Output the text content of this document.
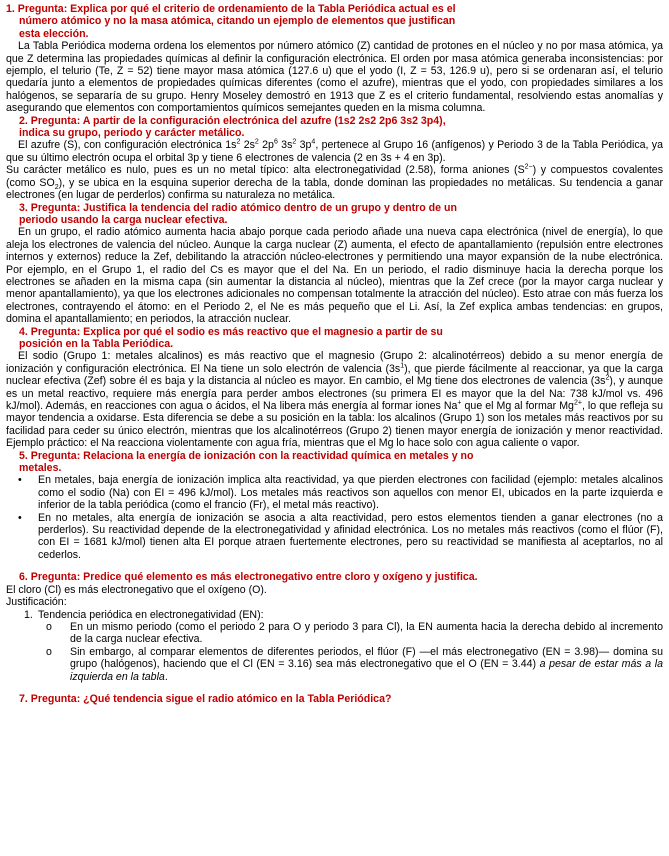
1. Pregunta: Explica por qué el criterio de ordenamiento de la Tabla Periódica actual es el
número atómico y no la masa atómica, citando un ejemplo de elementos que justifican
esta elección.

La Tabla Periódica moderna ordena los elementos por número atómico (Z) cantidad de protones en el núcleo y no por masa atómica, ya que Z determina las propiedades químicas al definir la configuración electrónica. El orden por masa atómica generaba inconsistencias: por ejemplo, el telurio (Te, Z = 52) tiene mayor masa atómica (127.6 u) que el yodo (I, Z = 53, 126.9 u), pero si se ordenaran así, el telurio quedaría junto a elementos de propiedades químicas diferentes (como el azufre), mientras que el yodo, con propiedades similares a los halógenos, se separaría de su grupo. Henry Moseley demostró en 1913 que Z es el criterio fundamental, resolviendo estas anomalías y asegurando que elementos con comportamientos químicos semejantes queden en la misma columna.

2. Pregunta: A partir de la configuración electrónica del azufre (1s2 2s2 2p6 3s2 3p4),
indica su grupo, periodo y carácter metálico.

El azufre (S), con configuración electrónica $1s^2$ $2s^2$ $2p^6$ $3s^2$ $3p^4$, pertenece al Grupo 16 (anfígenos) y Periodo 3 de la Tabla Periódica, ya que su último electrón ocupa el orbital 3p y tiene 6 electrones de valencia (2 en 3s + 4 en 3p).

Su carácter metálico es nulo, pues es un no metal típico: alta electronegatividad (2.58), forma aniones $(S^{2-})$ y compuestos covalentes (como $SO_2$), y se ubica en la esquina superior derecha de la tabla, donde dominan las propiedades no metálicas. Su tendencia a ganar electrones (en lugar de perderlos) confirma su naturaleza no metálica.

3. Pregunta: Justifica la tendencia del radio atómico dentro de un grupo y dentro de un
periodo usando la carga nuclear efectiva.

En un grupo, el radio atómico aumenta hacia abajo porque cada periodo añade una nueva capa electrónica (nivel de energía), lo que aleja los electrones de valencia del núcleo. Aunque la carga nuclear (Z) aumenta, el efecto de apantallamiento (repulsión entre electrones internos y externos) reduce la Zef, debilitando la atracción núcleo-electrones y permitiendo una mayor expansión de la nube electrónica. Por ejemplo, en el Grupo 1, el radio del Cs es mayor que el del Na. En un periodo, el radio disminuye hacia la derecha porque los electrones se añaden en la misma capa (sin aumentar la distancia al núcleo), mientras que la Zef crece (por la mayor carga nuclear y menor apantallamiento), ya que los electrones adicionales no compensan totalmente la atracción del núcleo). Esto atrae con más fuerza los electrones, contrayendo el átomo: en el Periodo 2, el Ne es más pequeño que el Li. Así, la Zef explica ambas tendencias: en grupos, domina el apantallamiento; en periodos, la atracción nuclear.

4. Pregunta: Explica por qué el sodio es más reactivo que el magnesio a partir de su
posición en la Tabla Periódica.

El sodio (Grupo 1: metales alcalinos) es más reactivo que el magnesio (Grupo 2: alcalinotérreos) debido a su menor energía de ionización y configuración electrónica. El Na tiene un solo electrón de valencia $(3s^1)$, que pierde fácilmente al reaccionar, ya que la carga nuclear efectiva (Zef) sobre él es baja y la distancia al núcleo es mayor. En cambio, el Mg tiene dos electrones de valencia $(3s^2)$, y aunque es un metal reactivo, requiere más energía para perder ambos electrones (su primera EI es mayor que la del Na: 738 kJ/mol vs. 496 kJ/mol). Además, en reacciones con agua o ácidos, el Na libera más energía al formar iones Na+ que el Mg al formar $Mg^{2+}$, lo que refleja su mayor tendencia a oxidarse. Esta diferencia se debe a su posición en la tabla: los alcalinos (Grupo 1) son los metales más reactivos por su facilidad para ceder su único electrón, mientras que los alcalinotérreos (Grupo 2) tienen mayor energía de ionización y menor reactividad. Ejemplo práctico: el Na reacciona violentamente con agua fría, mientras que el Mg lo hace solo con agua caliente o vapor.

5. Pregunta: Relaciona la energía de ionización con la reactividad química en metales y no
metales.

• En metales, baja energía de ionización implica alta reactividad, ya que pierden electrones con facilidad (ejemplo: metales alcalinos como el sodio (Na) con EI = 496 kJ/mol). Los metales más reactivos son aquellos con menor EI, ubicados en la parte izquierda e inferior de la tabla periódica (como el francio (Fr), el metal más reactivo).
• En no metales, alta energía de ionización se asocia a alta reactividad, pero estos elementos tienden a ganar electrones (no a perderlos). Su reactividad depende de la electronegatividad y afinidad electrónica. Los no metales más reactivos (como el flúor (F), con EI = 1681 kJ/mol) tienen alta EI porque atraen fuertemente electrones, pero su reactividad se manifiesta al aceptarlos, no al cederlos.

6. Pregunta: Predice qué elemento es más electronegativo entre cloro y oxígeno y justifica.

El cloro (Cl) es más electronegativo que el oxígeno (O).

Justificación:

1. Tendencia periódica en electronegatividad (EN):
o En un mismo periodo (como el periodo 2 para O y periodo 3 para Cl), la EN aumenta hacia la derecha debido al incremento de la carga nuclear efectiva.
o Sin embargo, al comparar elementos de diferentes periodos, el flúor (F) —el más electronegativo (EN = 3.98)— domina su grupo (halógenos), haciendo que el Cl (EN = 3.16) sea más electronegativo que el O (EN = 3.44) a pesar de estar más a la izquierda en la tabla.

7. Pregunta: ¿Qué tendencia sigue el radio atómico en la Tabla Periódica?
